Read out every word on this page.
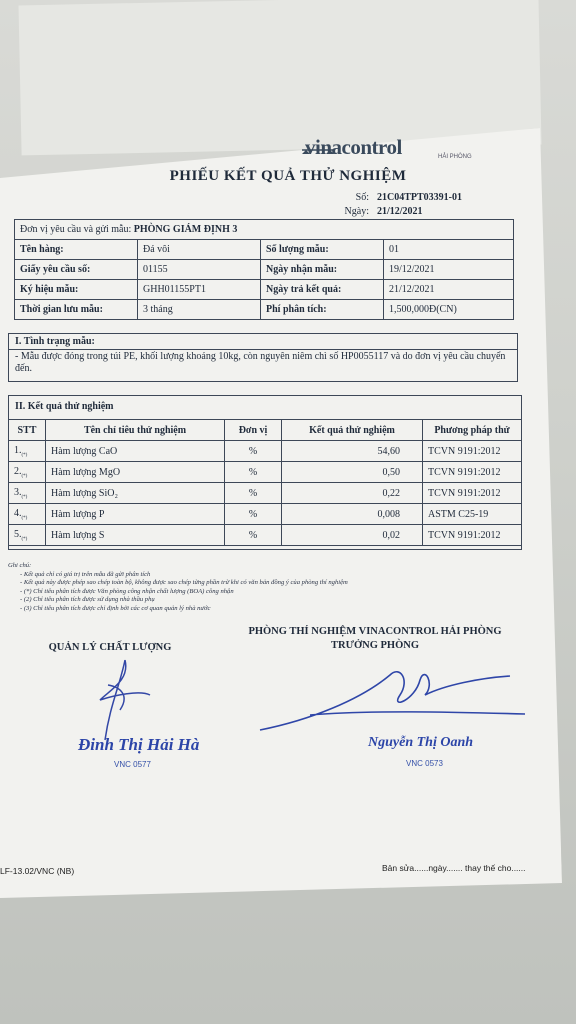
vinacontrol	HẢI PHÒNG
PHIẾU KẾT QUẢ THỬ NGHIỆM
Số: 21C04TPT03391-01
Ngày: 21/12/2021
Đơn vị yêu cầu và gửi mẫu: PHÒNG GIÁM ĐỊNH 3			
Tên hàng:	Đá vôi	Số lượng mẫu:	01
Giấy yêu cầu số:	01155	Ngày nhận mẫu:	19/12/2021
Ký hiệu mẫu:	GHH01155PT1	Ngày trả kết quả:	21/12/2021
Thời gian lưu mẫu:	3 tháng	Phí phân tích:	1,500,000Đ(CN)
I. Tình trạng mẫu:
- Mẫu được đóng trong túi PE, khối lượng khoảng 10kg, còn nguyên niêm chì số HP0055117 và do đơn vị yêu cầu chuyển đến.
II. Kết quả thử nghiệm
STT	Tên chỉ tiêu thử nghiệm	Đơn vị	Kết quả thử nghiệm	Phương pháp thử
$1._{(*)}$	Hàm lượng CaO	%	54,60	TCVN 9191:2012
$2._{(*)}$	Hàm lượng MgO	%	0,50	TCVN 9191:2012
$3._{(*)}$	Hàm lượng SiO₂	%	0,22	TCVN 9191:2012
$4._{(*)}$	Hàm lượng P	%	0,008	ASTM C25-19
$5._{(*)}$	Hàm lượng S	%	0,02	TCVN 9191:2012
Ghi chú:
- Kết quả chỉ có giá trị trên mẫu đã gửi phân tích
- Kết quả này được phép sao chép toàn bộ, không được sao chép từng phần trừ khi có văn bản đồng ý của phòng thí nghiệm
- (*) Chỉ tiêu phân tích được Văn phòng công nhận chất lượng (BOA) công nhận
- (2) Chỉ tiêu phân tích được sử dụng nhà thầu phụ
- (3) Chỉ tiêu phân tích được chỉ định bởi các cơ quan quản lý nhà nước
QUẢN LÝ CHẤT LƯỢNG
PHÒNG THÍ NGHIỆM VINACONTROL HẢI PHÒNG
TRƯỞNG PHÒNG
Đinh Thị Hải Hà
VNC 0577
Nguyễn Thị Oanh
VNC 0573
LF-13.02/VNC (NB)	Bản sửa......ngày....... thay thế cho......
